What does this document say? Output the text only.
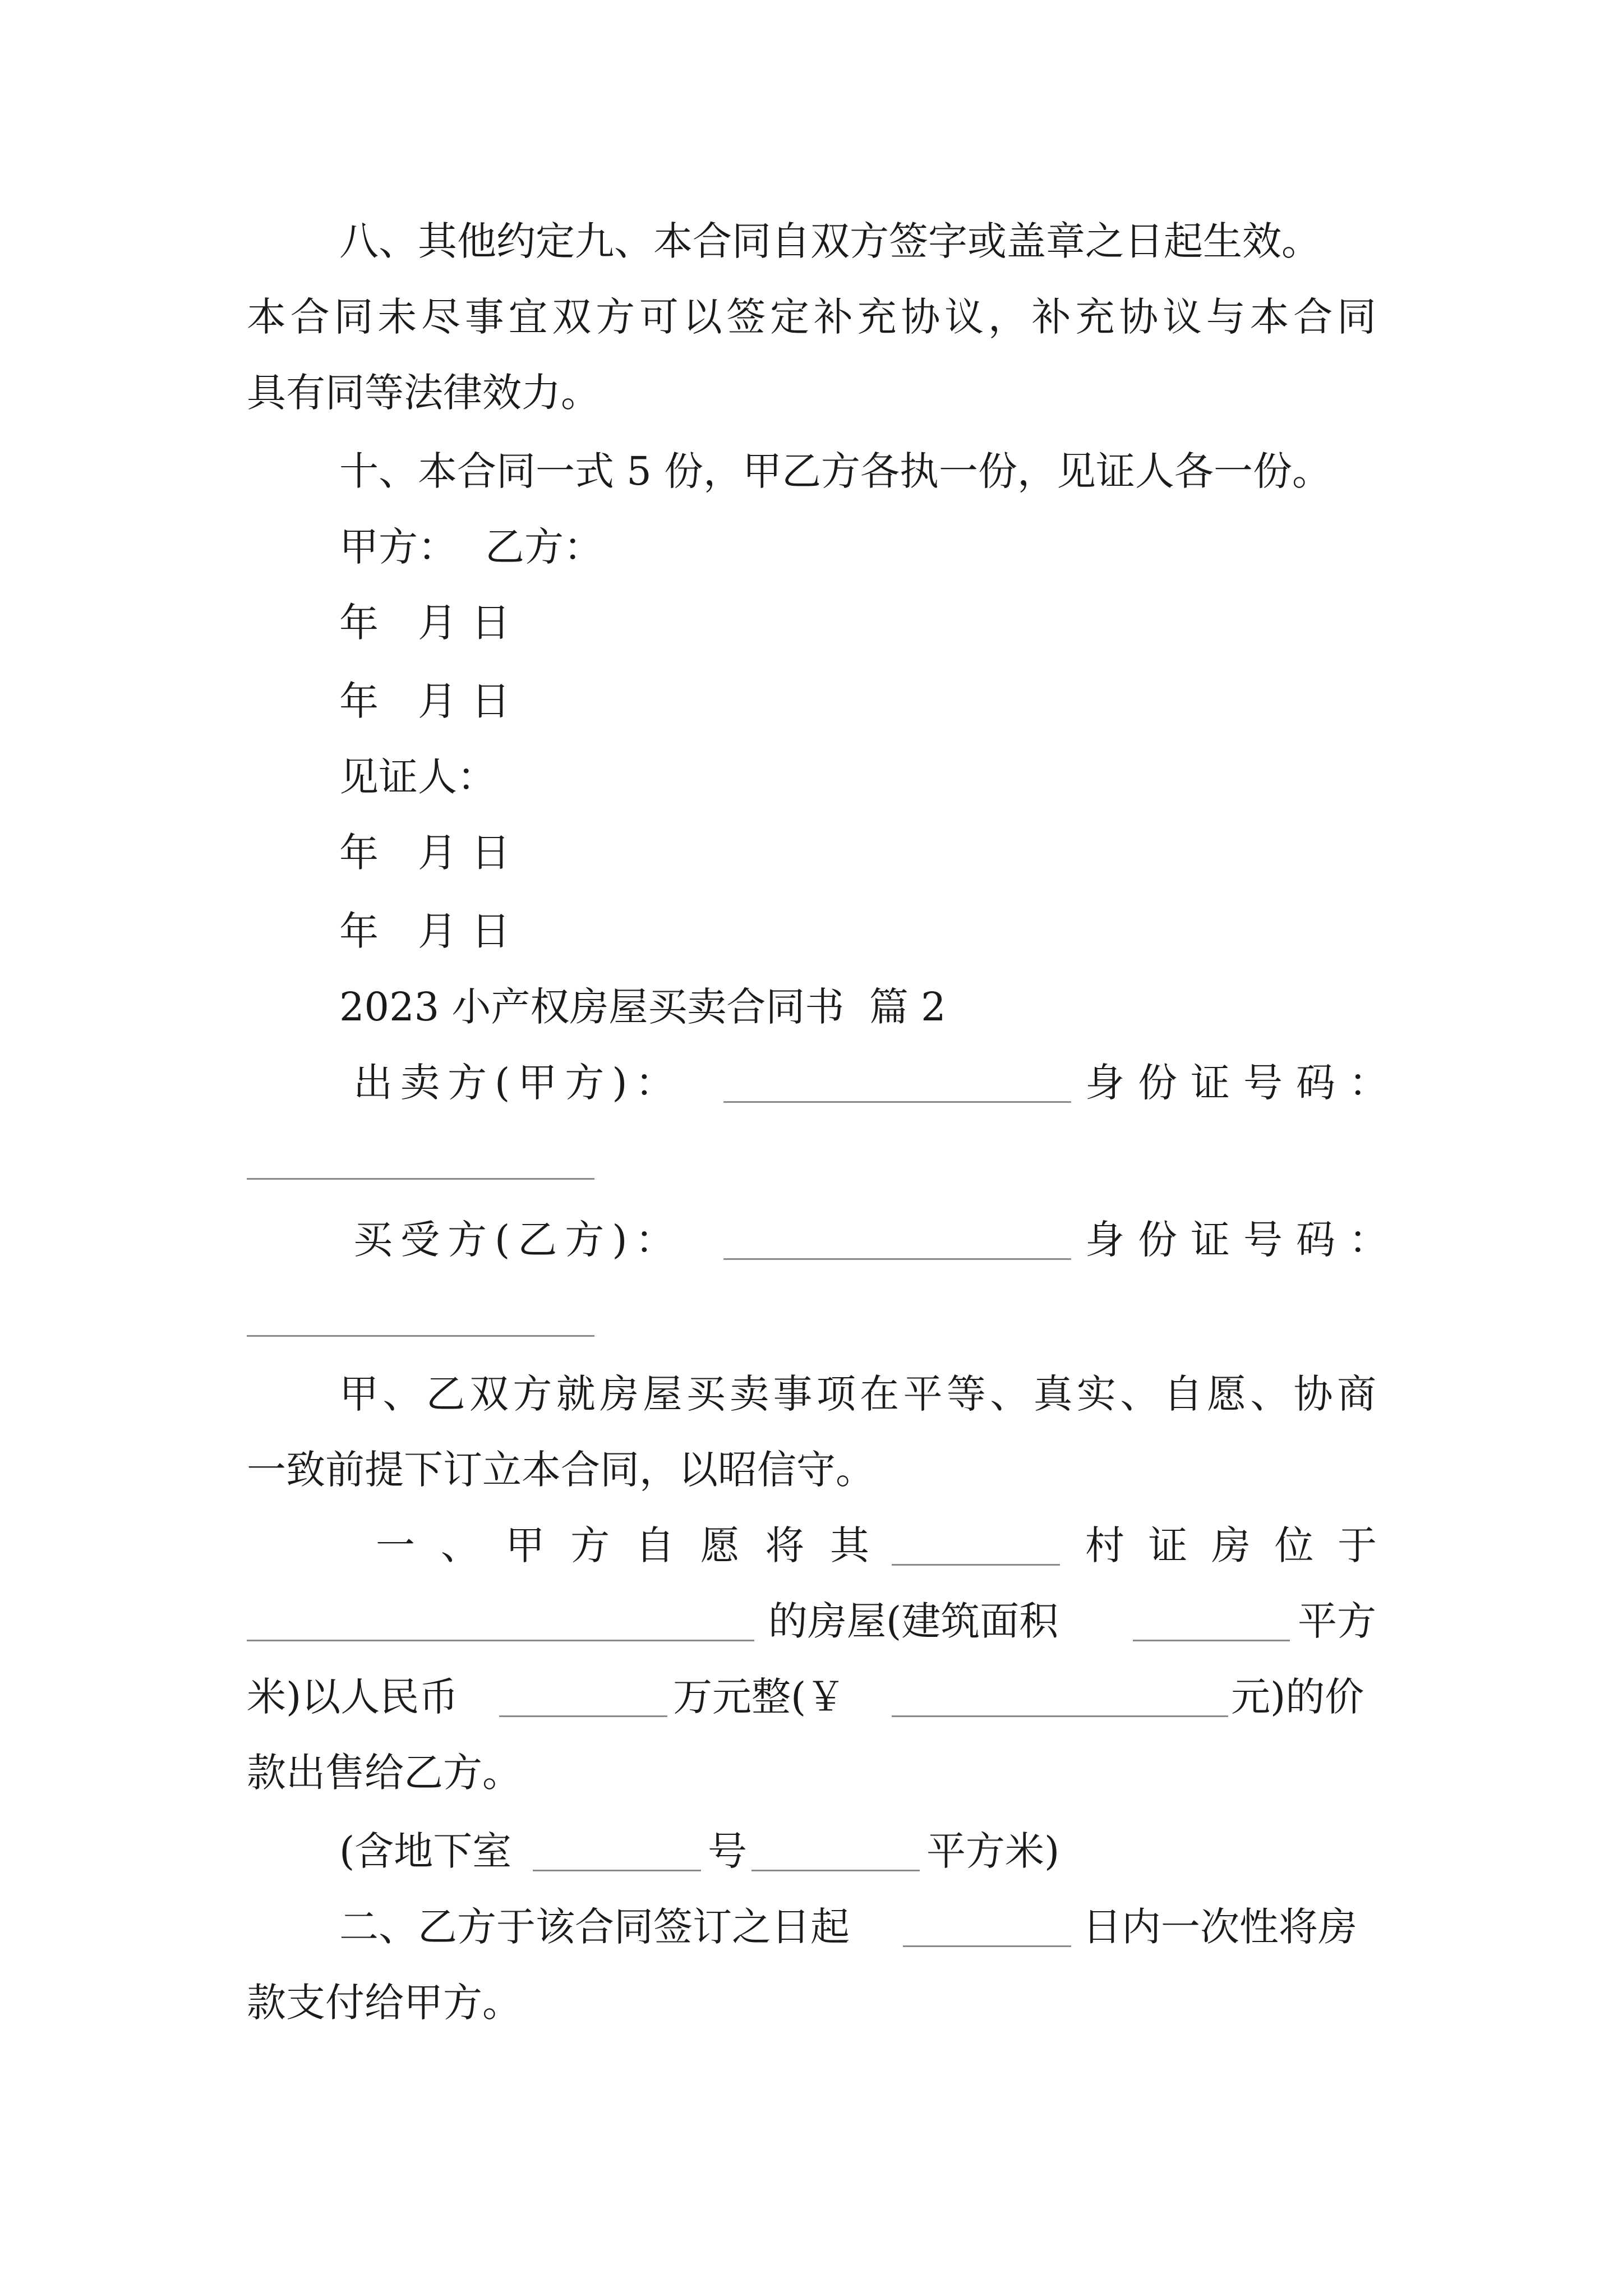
八、其他约定九、本合同自双方签字或盖章之日起生效。
本合同未尽事宜双方可以签定补充协议，补充协议与本合同
具有同等法律效力。
十、本合同一式 5 份，甲乙方各执一份，见证人各一份。
甲方： 乙方：
年 月 日
年 月 日
见证人：
年 月 日
年 月 日
2023 小产权房屋买卖合同书 篇 2
出卖方(甲方)：	身份证号码：
买受方(乙方)：	身份证号码：
甲、乙双方就房屋买卖事项在平等、真实、自愿、协商
一致前提下订立本合同，以昭信守。
一、甲方自愿将其	村证房位于
的房屋(建筑面积	平方
米)以人民币	万元整(￥	元)的价
款出售给乙方。
(含地下室	号	平方米)
二、乙方于该合同签订之日起	日内一次性将房
款支付给甲方。
